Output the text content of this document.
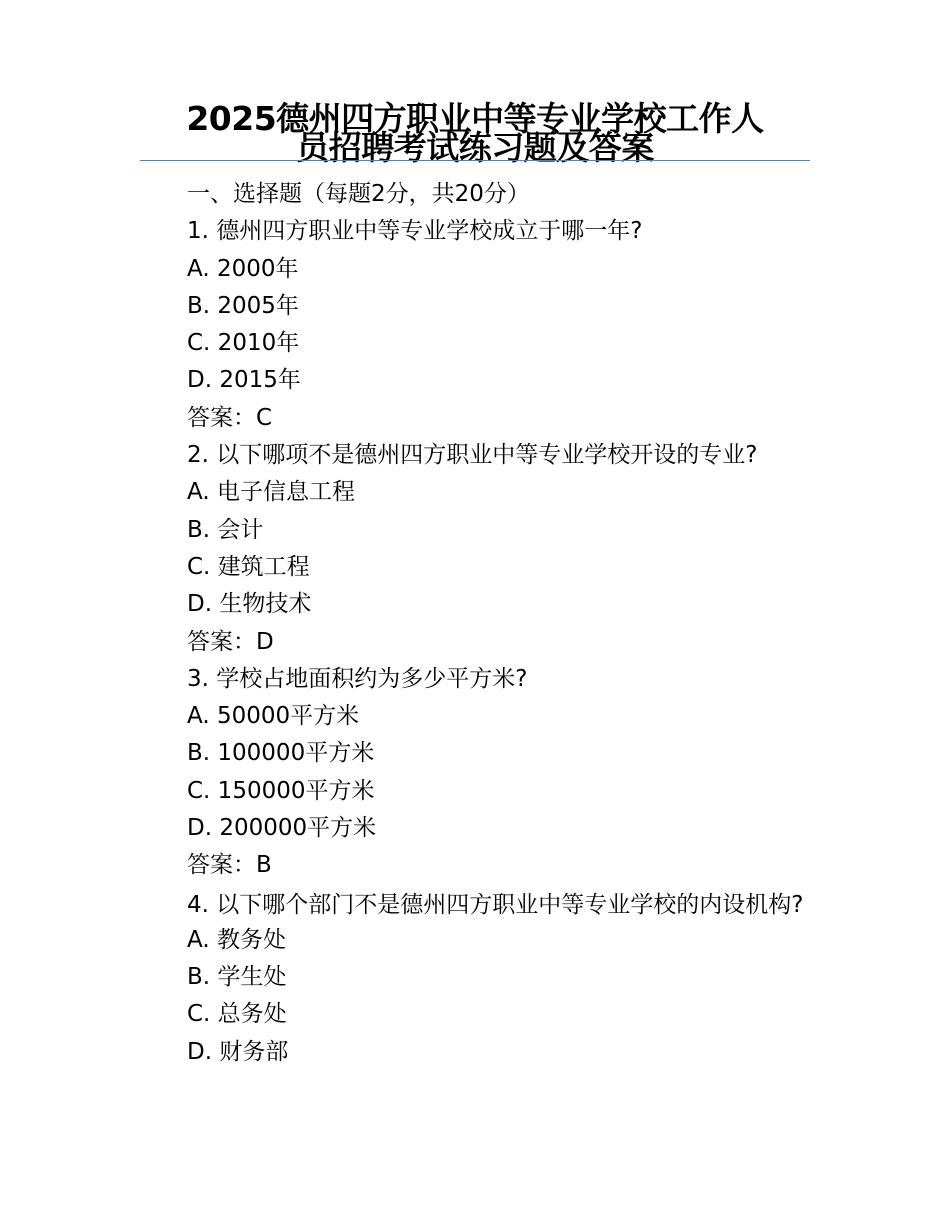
2025德州四方职业中等专业学校工作人
员招聘考试练习题及答案
一、选择题（每题2分，共20分）
1. 德州四方职业中等专业学校成立于哪一年?
A. 2000年
B. 2005年
C. 2010年
D. 2015年
答案：C
2. 以下哪项不是德州四方职业中等专业学校开设的专业?
A. 电子信息工程
B. 会计
C. 建筑工程
D. 生物技术
答案：D
3. 学校占地面积约为多少平方米?
A. 50000平方米
B. 100000平方米
C. 150000平方米
D. 200000平方米
答案：B
4. 以下哪个部门不是德州四方职业中等专业学校的内设机构?
A. 教务处
B. 学生处
C. 总务处
D. 财务部
